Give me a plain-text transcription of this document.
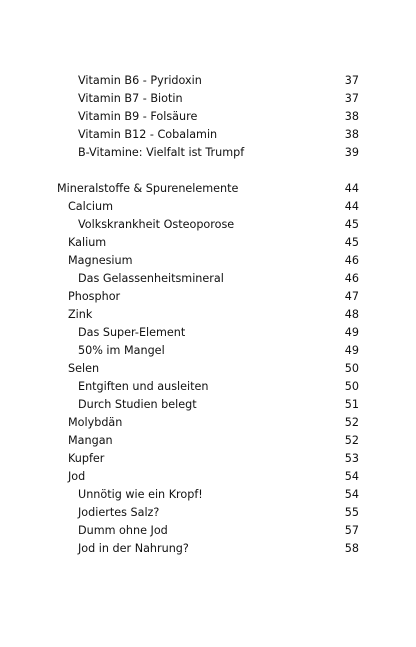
Vitamin B6 - Pyridoxin	37
Vitamin B7 - Biotin	37
Vitamin B9 - Folsäure	38
Vitamin B12 - Cobalamin	38
B-Vitamine: Vielfalt ist Trumpf	39
Mineralstoffe & Spurenelemente	44
Calcium	44
Volkskrankheit Osteoporose	45
Kalium	45
Magnesium	46
Das Gelassenheitsmineral	46
Phosphor	47
Zink	48
Das Super-Element	49
50% im Mangel	49
Selen	50
Entgiften und ausleiten	50
Durch Studien belegt	51
Molybdän	52
Mangan	52
Kupfer	53
Jod	54
Unnötig wie ein Kropf!	54
Jodiertes Salz?	55
Dumm ohne Jod	57
Jod in der Nahrung?	58
